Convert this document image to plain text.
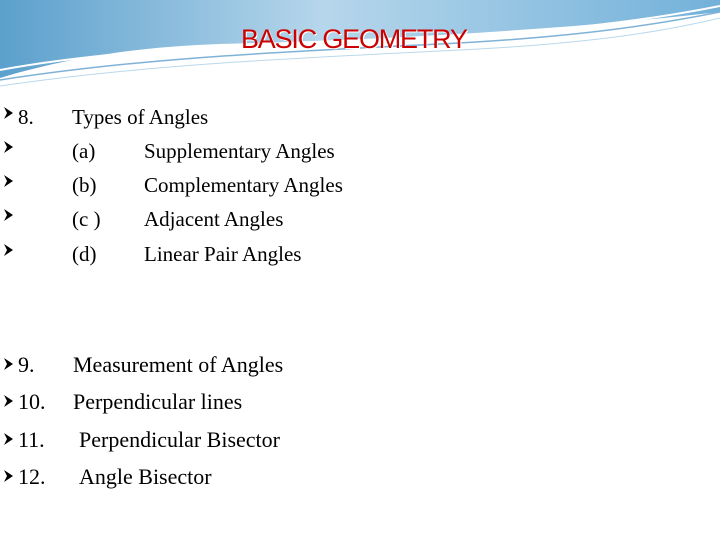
BASIC GEOMETRY
8. Types of Angles
(a) Supplementary Angles
(b) Complementary Angles
(c ) Adjacent Angles
(d) Linear Pair Angles
9. Measurement of Angles
10. Perpendicular lines
11. Perpendicular Bisector
12. Angle Bisector
